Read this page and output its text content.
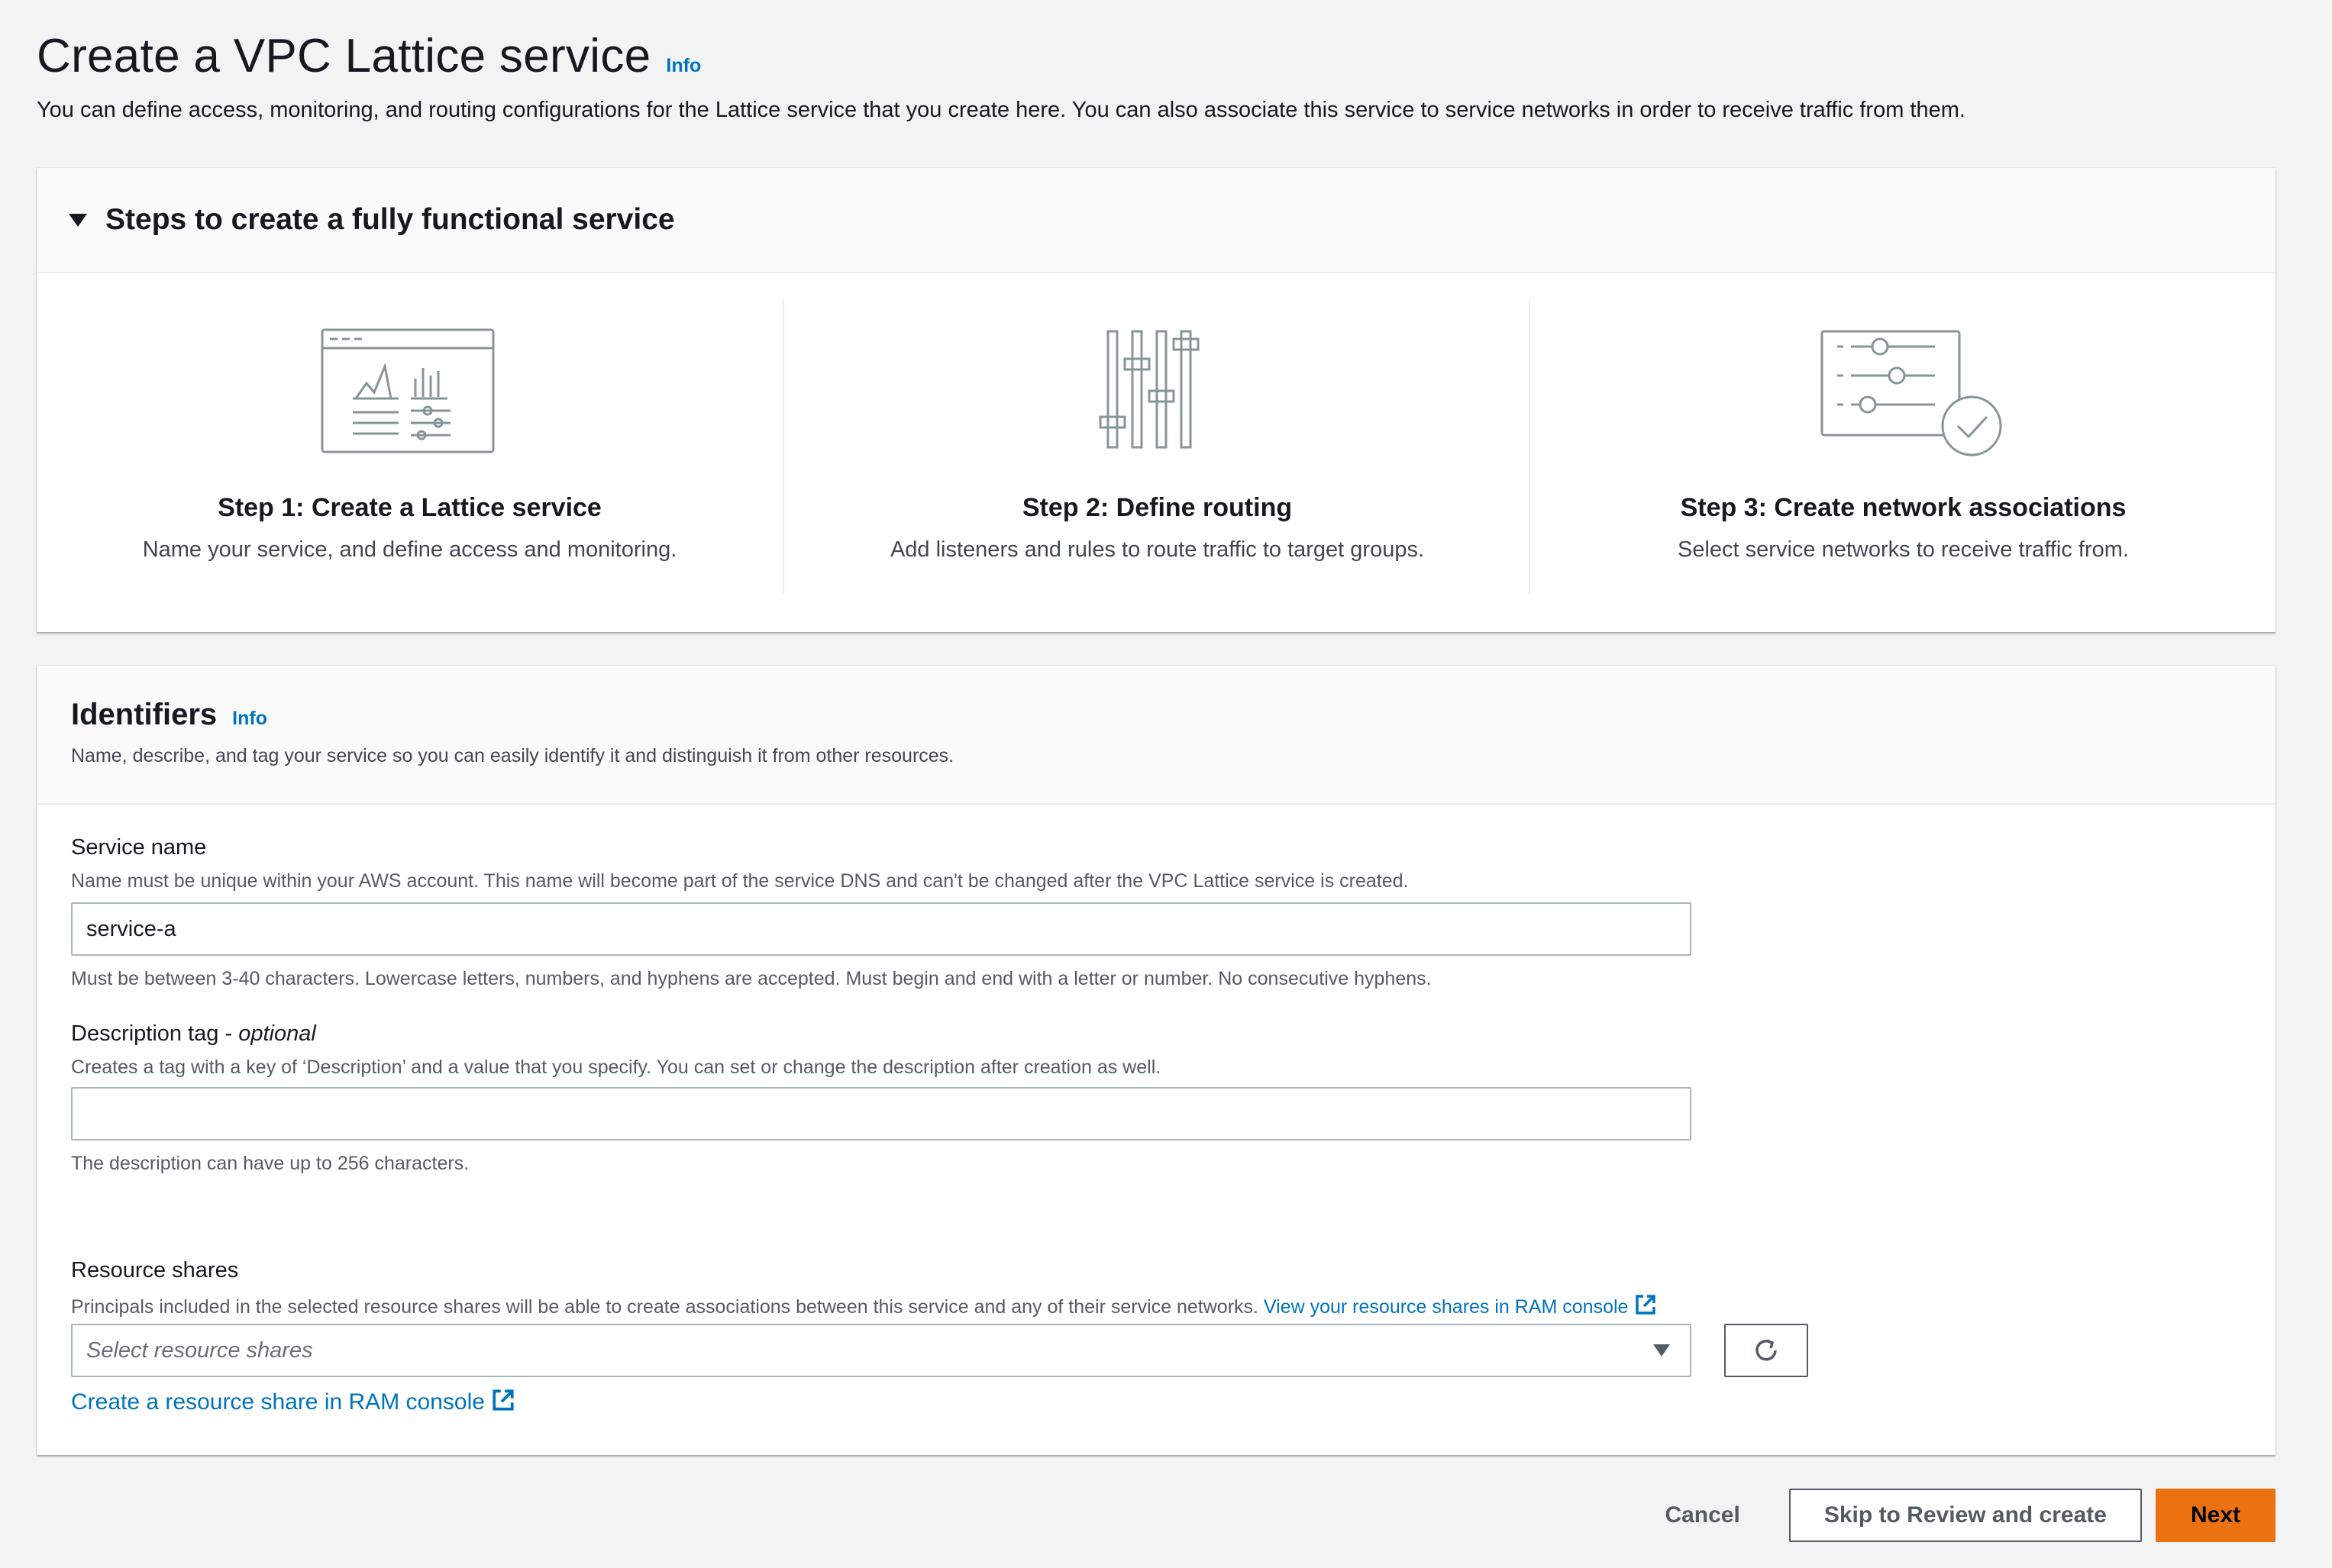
Create a VPC Lattice service Info
You can define access, monitoring, and routing configurations for the Lattice service that you create here. You can also associate this service to service networks in order to receive traffic from them.
Steps to create a fully functional service
Step 1: Create a Lattice service
Name your service, and define access and monitoring.
Step 2: Define routing
Add listeners and rules to route traffic to target groups.
Step 3: Create network associations
Select service networks to receive traffic from.
Identifiers Info
Name, describe, and tag your service so you can easily identify it and distinguish it from other resources.
Service name
Name must be unique within your AWS account. This name will become part of the service DNS and can't be changed after the VPC Lattice service is created.
service-a
Must be between 3-40 characters. Lowercase letters, numbers, and hyphens are accepted. Must begin and end with a letter or number. No consecutive hyphens.
Description tag - optional
Creates a tag with a key of ‘Description’ and a value that you specify. You can set or change the description after creation as well.
The description can have up to 256 characters.
Resource shares
Principals included in the selected resource shares will be able to create associations between this service and any of their service networks. View your resource shares in RAM console
Select resource shares
Create a resource share in RAM console
Cancel	Skip to Review and create	Next
